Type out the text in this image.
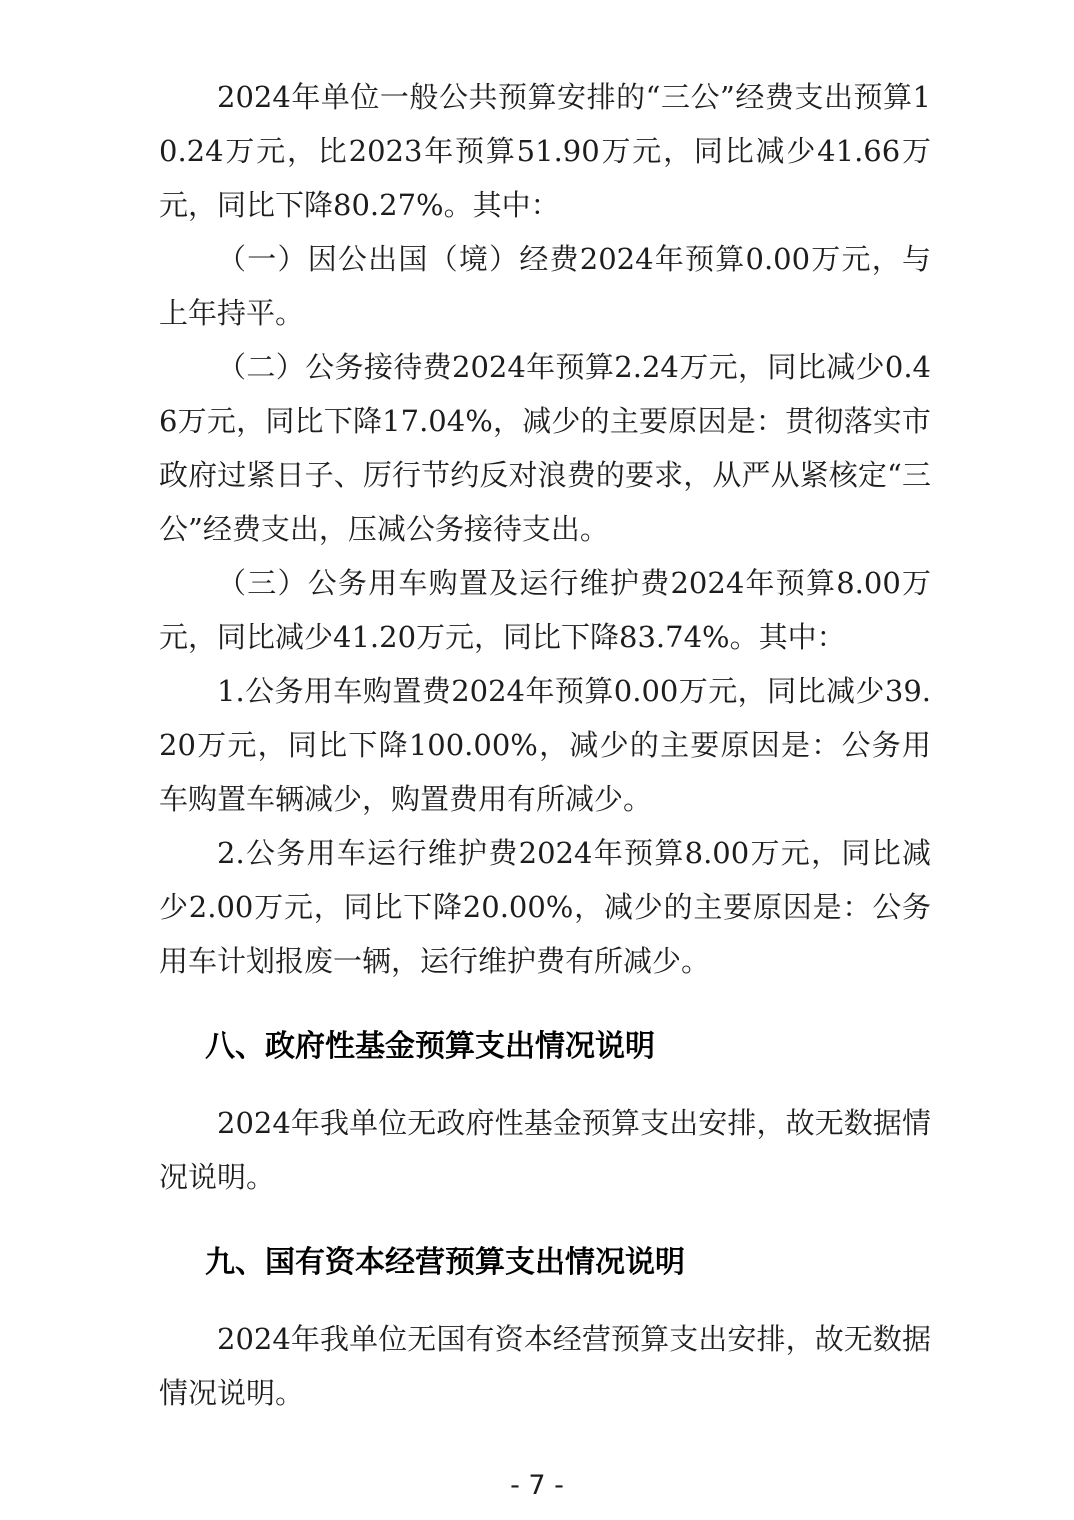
2024年单位一般公共预算安排的“三公”经费支出预算10.24万元，比2023年预算51.90万元，同比减少41.66万元，同比下降80.27%。其中：

（一）因公出国（境）经费2024年预算0.00万元，与上年持平。

（二）公务接待费2024年预算2.24万元，同比减少0.46万元，同比下降17.04%，减少的主要原因是：贯彻落实市政府过紧日子、厉行节约反对浪费的要求，从严从紧核定“三公”经费支出，压减公务接待支出。

（三）公务用车购置及运行维护费2024年预算8.00万元，同比减少41.20万元，同比下降83.74%。其中：

1.公务用车购置费2024年预算0.00万元，同比减少39.20万元，同比下降100.00%，减少的主要原因是：公务用车购置车辆减少，购置费用有所减少。

2.公务用车运行维护费2024年预算8.00万元，同比减少2.00万元，同比下降20.00%，减少的主要原因是：公务用车计划报废一辆，运行维护费有所减少。

八、政府性基金预算支出情况说明

2024年我单位无政府性基金预算支出安排，故无数据情况说明。

九、国有资本经营预算支出情况说明

2024年我单位无国有资本经营预算支出安排，故无数据情况说明。

- 7 -
